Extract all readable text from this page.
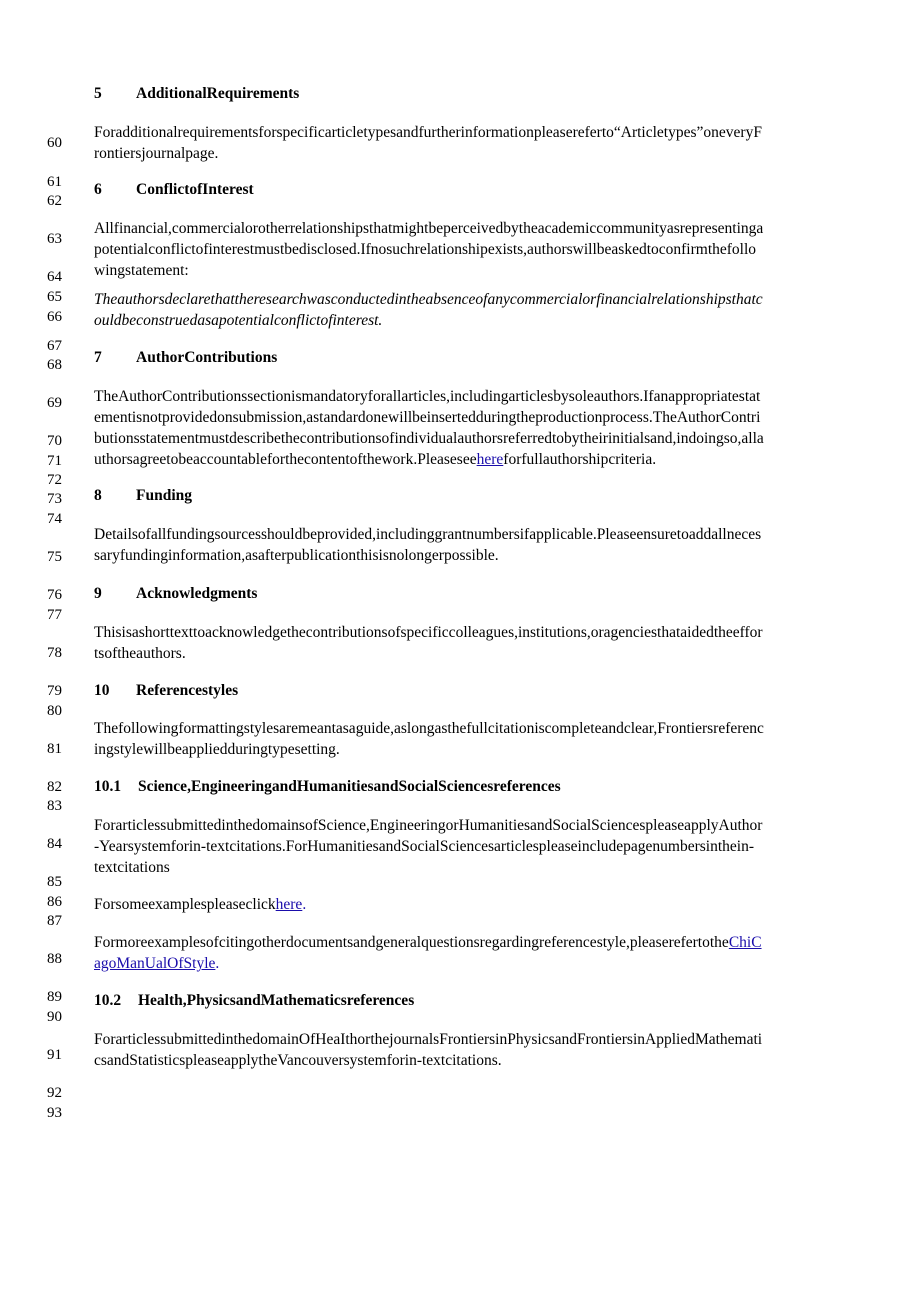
60
61
62
63
64
65
66
67
68
69
70
71
72
73
74
75
76
77
78
79
80
81
82
83
84
85
86
87
88
89
90
91
92
93
5 AdditionalRequirements
Foradditionalrequirementsforspecificarticletypesandfurtherinformationpleasereferto“Articletypes”oneveryF
rontiersjournalpage.
6 ConflictofInterest
Allfinancial,commercialorotherrelationshipsthatmightbeperceivedbytheacademiccommunityasrepresentinga
potentialconflictofinterestmustbedisclosed.Ifnosuchrelationshipexists,authorswillbeaskedtoconfirmthefollo
wingstatement:
Theauthorsdeclarethattheresearchwasconductedintheabsenceofanycommercialorfinancialrelationshipsthatc
ouldbeconstruedasapotentialconflictofinterest.
7 AuthorContributions
TheAuthorContributionssectionismandatoryforallarticles,includingarticlesbysoleauthors.Ifanappropriatestat
ementisnotprovidedonsubmission,astandardonewillbeinsertedduringtheproductionprocess.TheAuthorContri
butionsstatementmustdescribethecontributionsofindividualauthorsreferredtobytheirinitialsand,indoingso,alla
uthorsagreetobeaccountableforthecontentofthework.Pleaseseehereforfullauthorshipcriteria.
8 Funding
Detailsofallfundingsourcesshouldbeprovided,includinggrantnumbersifapplicable.Pleaseensuretoaddallneces
saryfundinginformation,asafterpublicationthisisnolongerpossible.
9 Acknowledgments
Thisisashorttexttoacknowledgethecontributionsofspecificcolleagues,institutions,oragenciesthataidedtheeffor
tsoftheauthors.
10 Referencestyles
Thefollowingformattingstylesaremeantasaguide,aslongasthefullcitationiscompleteandclear,Frontiersreferenc
ingstylewillbeappliedduringtypesetting.
10.1 Science,EngineeringandHumanitiesandSocialSciencesreferences
ForarticlessubmittedinthedomainsofScience,EngineeringorHumanitiesandSocialSciencespleaseapplyAuthor
-Yearsystemforin-textcitations.ForHumanitiesandSocialSciencesarticlespleaseincludepagenumbersinthein-
textcitations
Forsomeexamplespleaseclickhere.
Formoreexamplesofcitingotherdocumentsandgeneralquestionsregardingreferencestyle,pleaserefertotheChiC
agoManUalOfStyle.
10.2 Health,PhysicsandMathematicsreferences
ForarticlessubmittedinthedomainOfHeaIthorthejournalsFrontiersinPhysicsandFrontiersinAppliedMathemati
csandStatisticspleaseapplytheVancouversystemforin-textcitations.
